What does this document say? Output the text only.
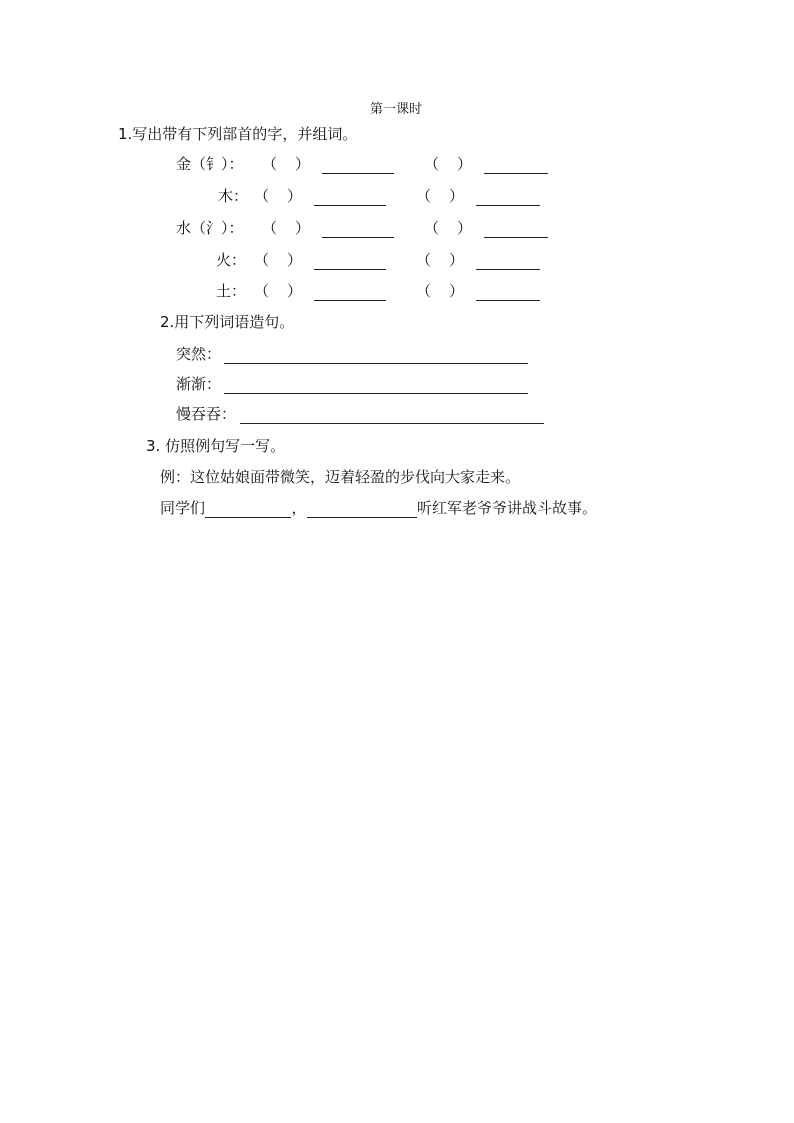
第一课时
1.写出带有下列部首的字，并组词。
金（钅）：	（ ）
	（ ）

木： （ ）
	（ ）

水（氵）：	（ ）
	（ ）

火： （ ）
	（ ）

土： （ ）
	（ ）

2.用下列词语造句。
突然：
渐渐：
慢吞吞：
3. 仿照例句写一写。
例：这位姑娘面带微笑，迈着轻盈的步伐向大家走来。
同学们	，	听红军老爷爷讲战斗故事。
